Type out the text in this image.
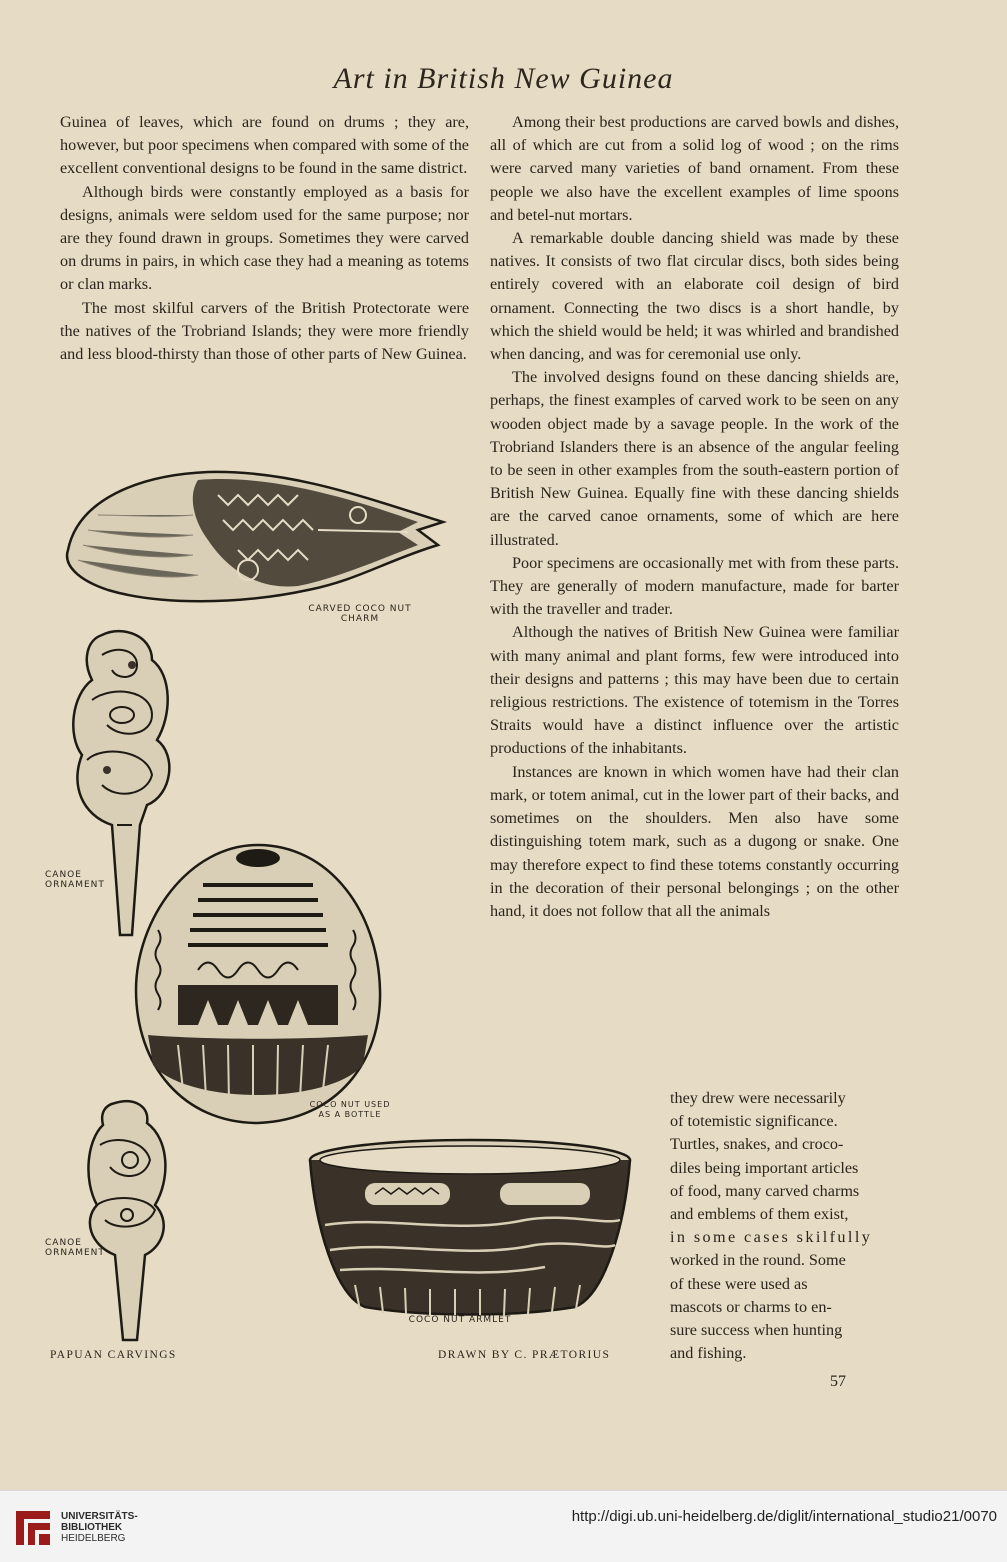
Art in British New Guinea

Guinea of leaves, which are found on drums ; they are, however, but poor specimens when compared with some of the excellent conventional designs to be found in the same district.

Although birds were constantly employed as a basis for designs, animals were seldom used for the same purpose; nor are they found drawn in groups. Sometimes they were carved on drums in pairs, in which case they had a meaning as totems or clan marks.

The most skilful carvers of the British Protectorate were the natives of the Trobriand Islands; they were more friendly and less blood-thirsty than those of other parts of New Guinea.

Among their best productions are carved bowls and dishes, all of which are cut from a solid log of wood ; on the rims were carved many varieties of band ornament. From these people we also have the excellent examples of lime spoons and betel-nut mortars.

A remarkable double dancing shield was made by these natives. It consists of two flat circular discs, both sides being entirely covered with an elaborate coil design of bird ornament. Connecting the two discs is a short handle, by which the shield would be held; it was whirled and brandished when dancing, and was for ceremonial use only.

The involved designs found on these dancing shields are, perhaps, the finest examples of carved work to be seen on any wooden object made by a savage people. In the work of the Trobriand Islanders there is an absence of the angular feeling to be seen in other examples from the south-eastern portion of British New Guinea. Equally fine with these dancing shields are the carved canoe ornaments, some of which are here illustrated.

Poor specimens are occasionally met with from these parts. They are generally of modern manufacture, made for barter with the traveller and trader.

Although the natives of British New Guinea were familiar with many animal and plant forms, few were introduced into their designs and patterns ; this may have been due to certain religious restrictions. The existence of totemism in the Torres Straits would have a distinct influence over the artistic productions of the inhabitants.

Instances are known in which women have had their clan mark, or totem animal, cut in the lower part of their backs, and sometimes on the shoulders. Men also have some distinguishing totem mark, such as a dugong or snake. One may therefore expect to find these totems constantly occurring in the decoration of their personal belongings ; on the other hand, it does not follow that all the animals

they drew were necessarily

of totemistic significance.

Turtles, snakes, and croco-

diles being important articles

of food, many carved charms

and emblems of them exist,

in some cases skilfully

worked in the round. Some

of these were used as

mascots or charms to en-

sure success when hunting

and fishing.

CARVED COCO NUT
CHARM
CANOE
ORNAMENT
COCO NUT USED
AS A BOTTLE
CANOE
ORNAMENT
COCO NUT ARMLET
PAPUAN CARVINGS	DRAWN BY C. PRÆTORIUS
57
UNIVERSITÄTS-
BIBLIOTHEK
HEIDELBERG
http://digi.ub.uni-heidelberg.de/diglit/international_studio21/0070
